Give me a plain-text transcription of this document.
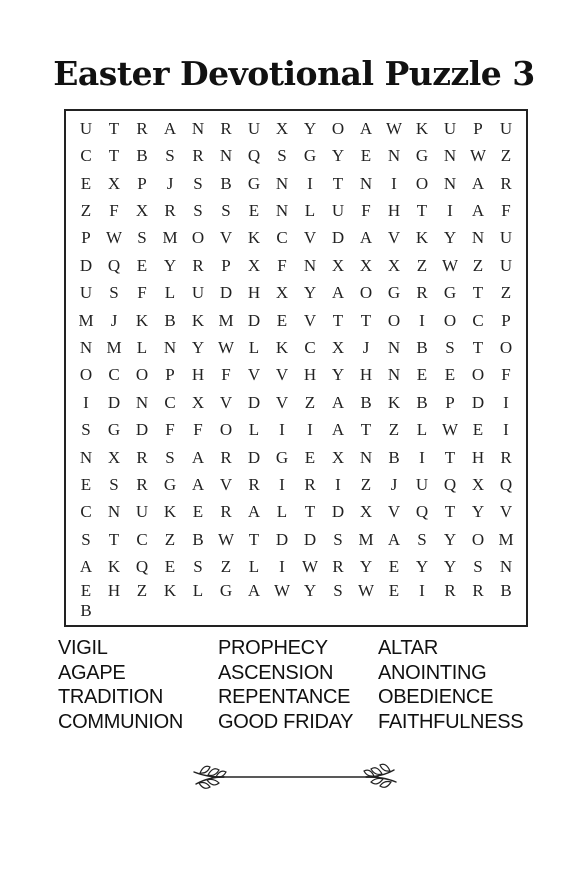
Easter Devotional Puzzle 3
U T	R A N R U X Y O A W K U	P	U
C	T	B	S	R N Q	S	G Y E N G N W Z
E X	P	J	S	B G N	I	T N	I	O N A R
Z	F	X R	S	S	E N L U	F	H T	I	A	F
P W S M O V K C V D A V K Y N U
D Q E Y R	P	X	F	N X X X Z W Z U
U	S	F	L U D H X Y A O G R G T	Z
M	J	K B K M D E V T	T O	I	O C	P
N M L N Y W L K C X	J	N B	S	T O
O C O	P	H	F	V V H Y H N E	E O	F
I	D N C X V D V Z A B K B	P	D	I
S	G D	F	F	O L	I	I	A T	Z	L W E	I
N X R	S	A R D G E X N B	I	T H R
E	S	R G A V R	I	R	I	Z	J	U Q X Q
C N U K E	R A L	T D X V Q T Y V
S	T	C	Z	B W T D D	S M A	S	Y O M
A K Q E	S	Z	L	I	W R Y E Y Y	S	N
E H Z K L G A W Y	S W E	I	R R B
B
VIGIL	PROPHECY	ALTAR
AGAPE	ASCENSION	ANOINTING
TRADITION	REPENTANCE	OBEDIENCE
COMMUNION	GOOD FRIDAY	FAITHFULNESS
